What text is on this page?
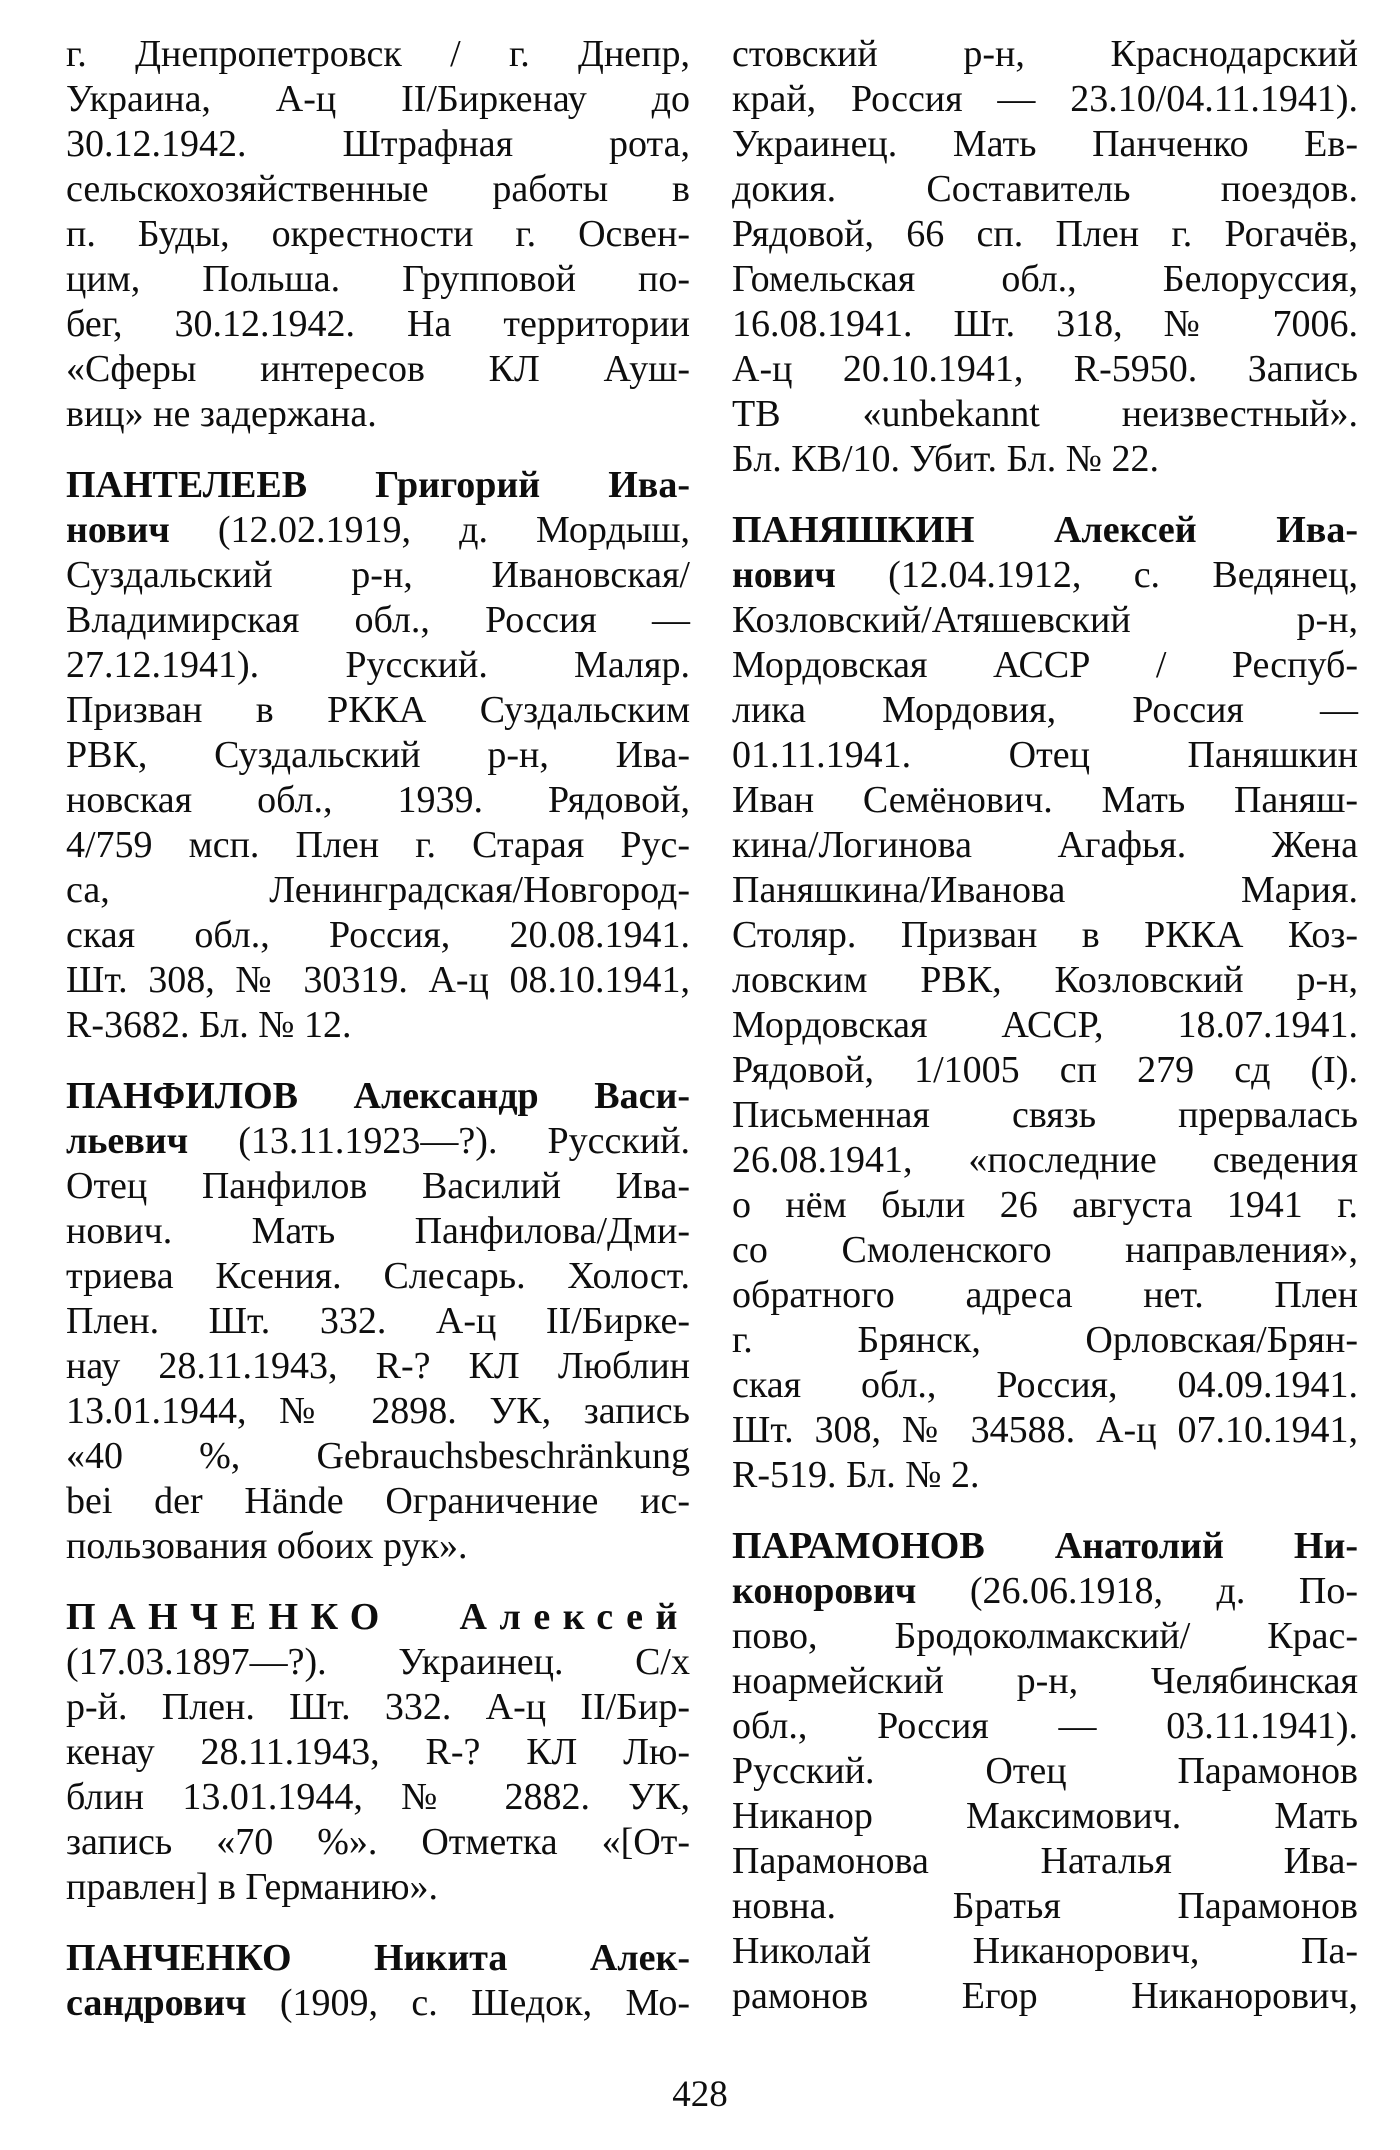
г. Днепропетровск / г. Днепр,
Украина, А-ц II/Биркенау до
30.12.1942. Штрафная рота,
сельскохозяйственные работы в
п. Буды, окрестности г. Освен-
цим, Польша. Групповой по-
бег, 30.12.1942. На территории
«Сферы интересов КЛ Ауш-
виц» не задержана.
ПАНТЕЛЕЕВ Григорий Ива-
нович (12.02.1919, д. Мордыш,
Суздальский р-н, Ивановская/
Владимирская обл., Россия —
27.12.1941). Русский. Маляр.
Призван в РККА Суздальским
РВК, Суздальский р-н, Ива-
новская обл., 1939. Рядовой,
4/759 мсп. Плен г. Старая Рус-
са, Ленинградская/Новгород-
ская обл., Россия, 20.08.1941.
Шт. 308, № 30319. А-ц 08.10.1941,
R-3682. Бл. № 12.
ПАНФИЛОВ Александр Васи-
льевич (13.11.1923—?). Русский.
Отец Панфилов Василий Ива-
нович. Мать Панфилова/Дми-
триева Ксения. Слесарь. Холост.
Плен. Шт. 332. А-ц II/Бирке-
нау 28.11.1943, R-? КЛ Люблин
13.01.1944, № 2898. УК, запись
«40 %, Gebrauchsbeschränkung
bei der Hände Ограничение ис-
пользования обоих рук».
ПАНЧЕНКО Алексей
(17.03.1897—?). Украинец. С/х
р-й. Плен. Шт. 332. А-ц II/Бир-
кенау 28.11.1943, R-? КЛ Лю-
блин 13.01.1944, № 2882. УК,
запись «70 %». Отметка «[От-
правлен] в Германию».
ПАНЧЕНКО Никита Алек-
сандрович (1909, с. Шедок, Мо-
стовский р-н, Краснодарский
край, Россия — 23.10/04.11.1941).
Украинец. Мать Панченко Ев-
докия. Составитель поездов.
Рядовой, 66 сп. Плен г. Рогачёв,
Гомельская обл., Белоруссия,
16.08.1941. Шт. 318, № 7006.
А-ц 20.10.1941, R-5950. Запись
ТВ «unbekannt неизвестный».
Бл. КВ/10. Убит. Бл. № 22.
ПАНЯШКИН Алексей Ива-
нович (12.04.1912, с. Ведянец,
Козловский/Атяшевский р-н,
Мордовская АССР / Респуб-
лика Мордовия, Россия —
01.11.1941. Отец Паняшкин
Иван Семёнович. Мать Паняш-
кина/Логинова Агафья. Жена
Паняшкина/Иванова Мария.
Столяр. Призван в РККА Коз-
ловским РВК, Козловский р-н,
Мордовская АССР, 18.07.1941.
Рядовой, 1/1005 сп 279 сд (I).
Письменная связь прервалась
26.08.1941, «последние сведения
о нём были 26 августа 1941 г.
со Смоленского направления»,
обратного адреса нет. Плен
г. Брянск, Орловская/Брян-
ская обл., Россия, 04.09.1941.
Шт. 308, № 34588. А-ц 07.10.1941,
R-519. Бл. № 2.
ПАРАМОНОВ Анатолий Ни-
конорович (26.06.1918, д. По-
пово, Бродоколмакский/ Крас-
ноармейский р-н, Челябинская
обл., Россия — 03.11.1941).
Русский. Отец Парамонов
Никанор Максимович. Мать
Парамонова Наталья Ива-
новна. Братья Парамонов
Николай Никанорович, Па-
рамонов Егор Никанорович,
428
